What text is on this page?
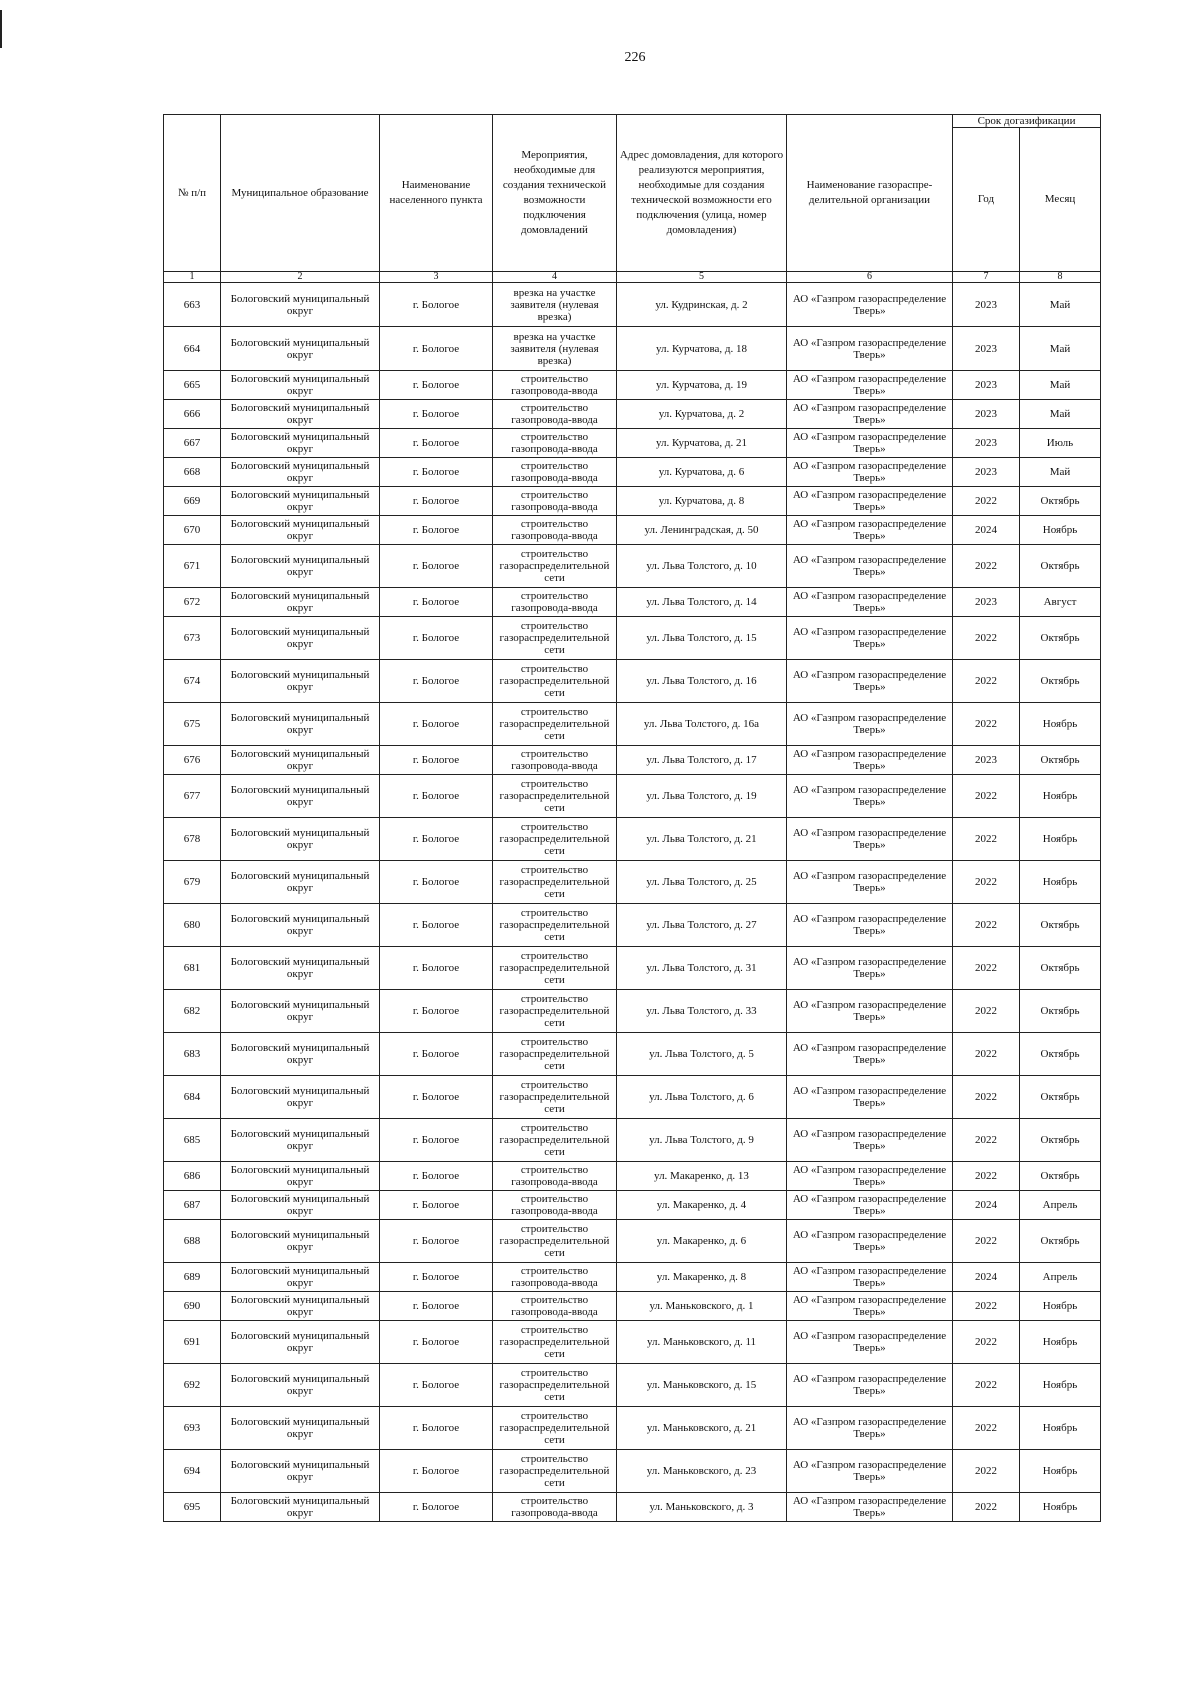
226
№ п/п	Муниципальное образование	Наименование населенного пункта	Мероприятия, необходимые для создания технической возможности подключения домовладений	Адрес домовладения, для которого реализуются мероприятия, необходимые для создания технической возможности его подключения (улица, номер домовладения)	Наименование газораспре-делительной организации	Срок догазификации	
						Год	Месяц
1	2	3	4	5	6	7	8
663	Бологовский муниципальный округ	г. Бологое	врезка на участке заявителя (нулевая врезка)	ул. Кудринская, д. 2	АО «Газпром газораспределение Тверь»	2023	Май
664	Бологовский муниципальный округ	г. Бологое	врезка на участке заявителя (нулевая врезка)	ул. Курчатова, д. 18	АО «Газпром газораспределение Тверь»	2023	Май
665	Бологовский муниципальный округ	г. Бологое	строительство газопровода-ввода	ул. Курчатова, д. 19	АО «Газпром газораспределение Тверь»	2023	Май
666	Бологовский муниципальный округ	г. Бологое	строительство газопровода-ввода	ул. Курчатова, д. 2	АО «Газпром газораспределение Тверь»	2023	Май
667	Бологовский муниципальный округ	г. Бологое	строительство газопровода-ввода	ул. Курчатова, д. 21	АО «Газпром газораспределение Тверь»	2023	Июль
668	Бологовский муниципальный округ	г. Бологое	строительство газопровода-ввода	ул. Курчатова, д. 6	АО «Газпром газораспределение Тверь»	2023	Май
669	Бологовский муниципальный округ	г. Бологое	строительство газопровода-ввода	ул. Курчатова, д. 8	АО «Газпром газораспределение Тверь»	2022	Октябрь
670	Бологовский муниципальный округ	г. Бологое	строительство газопровода-ввода	ул. Ленинградская, д. 50	АО «Газпром газораспределение Тверь»	2024	Ноябрь
671	Бологовский муниципальный округ	г. Бологое	строительство газораспределительной сети	ул. Льва Толстого, д. 10	АО «Газпром газораспределение Тверь»	2022	Октябрь
672	Бологовский муниципальный округ	г. Бологое	строительство газопровода-ввода	ул. Льва Толстого, д. 14	АО «Газпром газораспределение Тверь»	2023	Август
673	Бологовский муниципальный округ	г. Бологое	строительство газораспределительной сети	ул. Льва Толстого, д. 15	АО «Газпром газораспределение Тверь»	2022	Октябрь
674	Бологовский муниципальный округ	г. Бологое	строительство газораспределительной сети	ул. Льва Толстого, д. 16	АО «Газпром газораспределение Тверь»	2022	Октябрь
675	Бологовский муниципальный округ	г. Бологое	строительство газораспределительной сети	ул. Льва Толстого, д. 16а	АО «Газпром газораспределение Тверь»	2022	Ноябрь
676	Бологовский муниципальный округ	г. Бологое	строительство газопровода-ввода	ул. Льва Толстого, д. 17	АО «Газпром газораспределение Тверь»	2023	Октябрь
677	Бологовский муниципальный округ	г. Бологое	строительство газораспределительной сети	ул. Льва Толстого, д. 19	АО «Газпром газораспределение Тверь»	2022	Ноябрь
678	Бологовский муниципальный округ	г. Бологое	строительство газораспределительной сети	ул. Льва Толстого, д. 21	АО «Газпром газораспределение Тверь»	2022	Ноябрь
679	Бологовский муниципальный округ	г. Бологое	строительство газораспределительной сети	ул. Льва Толстого, д. 25	АО «Газпром газораспределение Тверь»	2022	Ноябрь
680	Бологовский муниципальный округ	г. Бологое	строительство газораспределительной сети	ул. Льва Толстого, д. 27	АО «Газпром газораспределение Тверь»	2022	Октябрь
681	Бологовский муниципальный округ	г. Бологое	строительство газораспределительной сети	ул. Льва Толстого, д. 31	АО «Газпром газораспределение Тверь»	2022	Октябрь
682	Бологовский муниципальный округ	г. Бологое	строительство газораспределительной сети	ул. Льва Толстого, д. 33	АО «Газпром газораспределение Тверь»	2022	Октябрь
683	Бологовский муниципальный округ	г. Бологое	строительство газораспределительной сети	ул. Льва Толстого, д. 5	АО «Газпром газораспределение Тверь»	2022	Октябрь
684	Бологовский муниципальный округ	г. Бологое	строительство газораспределительной сети	ул. Льва Толстого, д. 6	АО «Газпром газораспределение Тверь»	2022	Октябрь
685	Бологовский муниципальный округ	г. Бологое	строительство газораспределительной сети	ул. Льва Толстого, д. 9	АО «Газпром газораспределение Тверь»	2022	Октябрь
686	Бологовский муниципальный округ	г. Бологое	строительство газопровода-ввода	ул. Макаренко, д. 13	АО «Газпром газораспределение Тверь»	2022	Октябрь
687	Бологовский муниципальный округ	г. Бологое	строительство газопровода-ввода	ул. Макаренко, д. 4	АО «Газпром газораспределение Тверь»	2024	Апрель
688	Бологовский муниципальный округ	г. Бологое	строительство газораспределительной сети	ул. Макаренко, д. 6	АО «Газпром газораспределение Тверь»	2022	Октябрь
689	Бологовский муниципальный округ	г. Бологое	строительство газопровода-ввода	ул. Макаренко, д. 8	АО «Газпром газораспределение Тверь»	2024	Апрель
690	Бологовский муниципальный округ	г. Бологое	строительство газопровода-ввода	ул. Маньковского, д. 1	АО «Газпром газораспределение Тверь»	2022	Ноябрь
691	Бологовский муниципальный округ	г. Бологое	строительство газораспределительной сети	ул. Маньковского, д. 11	АО «Газпром газораспределение Тверь»	2022	Ноябрь
692	Бологовский муниципальный округ	г. Бологое	строительство газораспределительной сети	ул. Маньковского, д. 15	АО «Газпром газораспределение Тверь»	2022	Ноябрь
693	Бологовский муниципальный округ	г. Бологое	строительство газораспределительной сети	ул. Маньковского, д. 21	АО «Газпром газораспределение Тверь»	2022	Ноябрь
694	Бологовский муниципальный округ	г. Бологое	строительство газораспределительной сети	ул. Маньковского, д. 23	АО «Газпром газораспределение Тверь»	2022	Ноябрь
695	Бологовский муниципальный округ	г. Бологое	строительство газопровода-ввода	ул. Маньковского, д. 3	АО «Газпром газораспределение Тверь»	2022	Ноябрь
